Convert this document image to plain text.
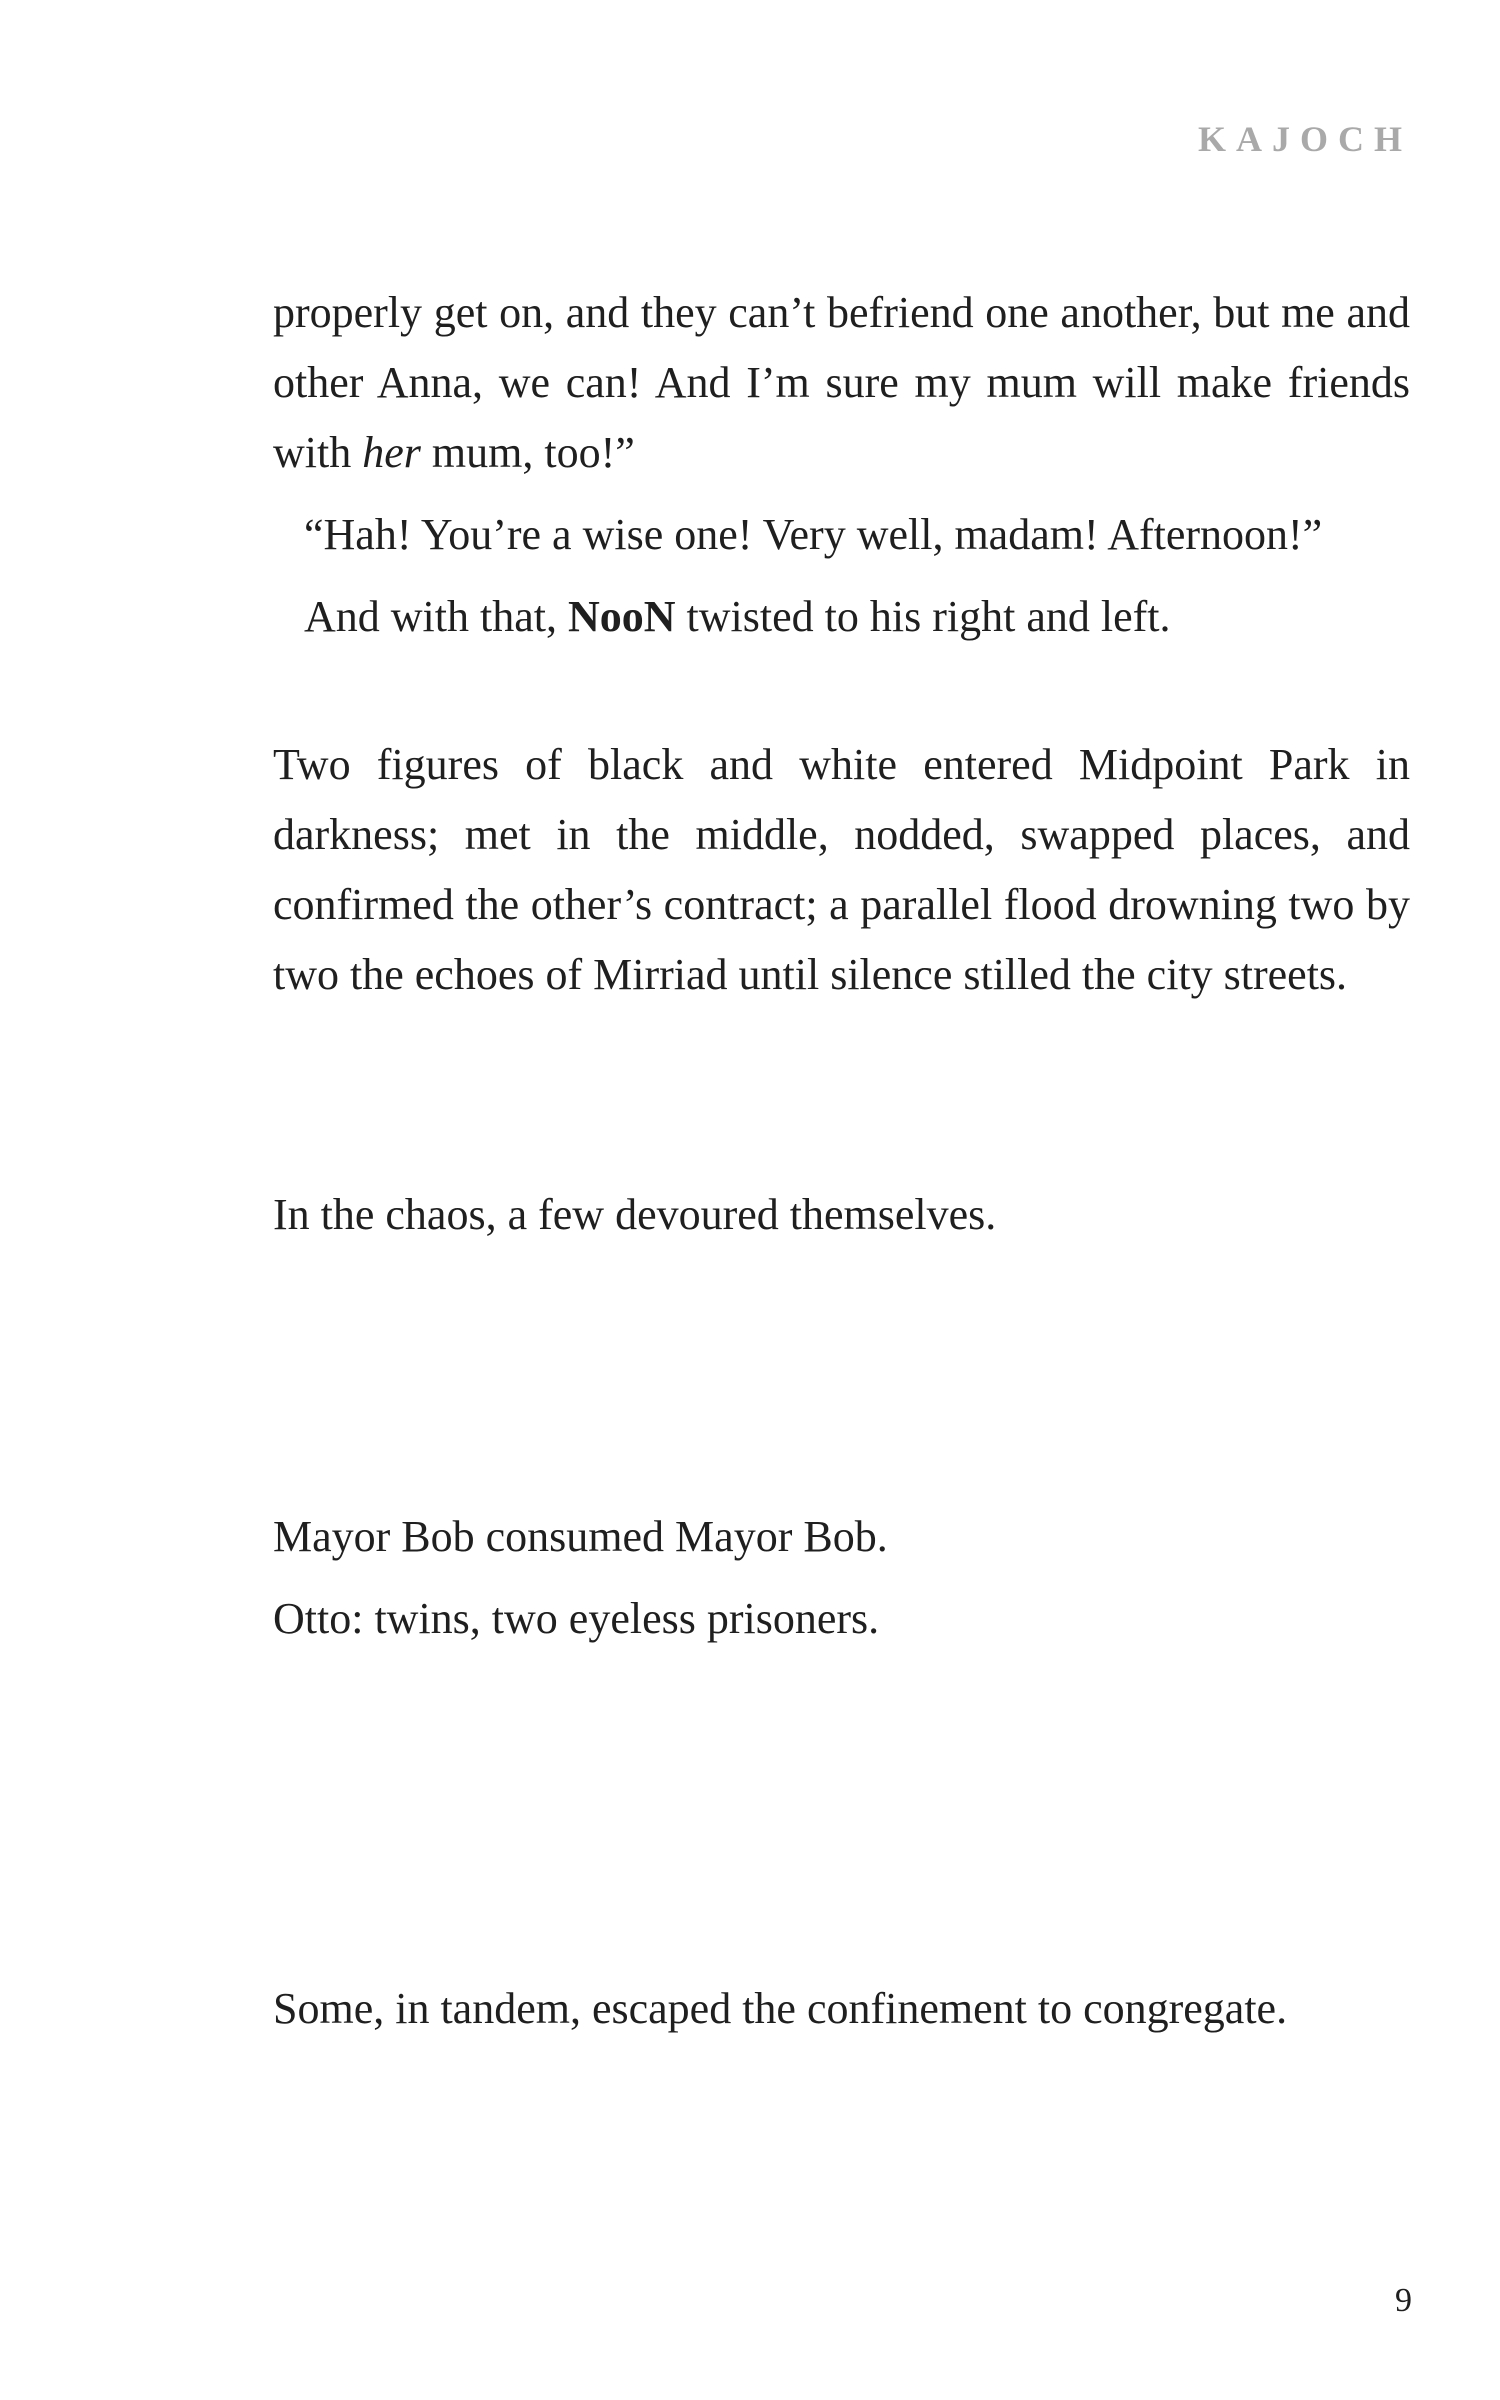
KAJOCH

properly get on, and they can’t befriend one another, but me and other Anna, we can! And I’m sure my mum will make friends with her mum, too!”

“Hah! You’re a wise one! Very well, madam! Afternoon!”

And with that, NooN twisted to his right and left.

Two figures of black and white entered Midpoint Park in darkness; met in the middle, nodded, swapped places, and confirmed the other’s contract; a parallel flood drowning two by two the echoes of Mirriad until silence stilled the city streets.

In the chaos, a few devoured themselves.

Mayor Bob consumed Mayor Bob.

Otto: twins, two eyeless prisoners.

Some, in tandem, escaped the confinement to congregate.

9
